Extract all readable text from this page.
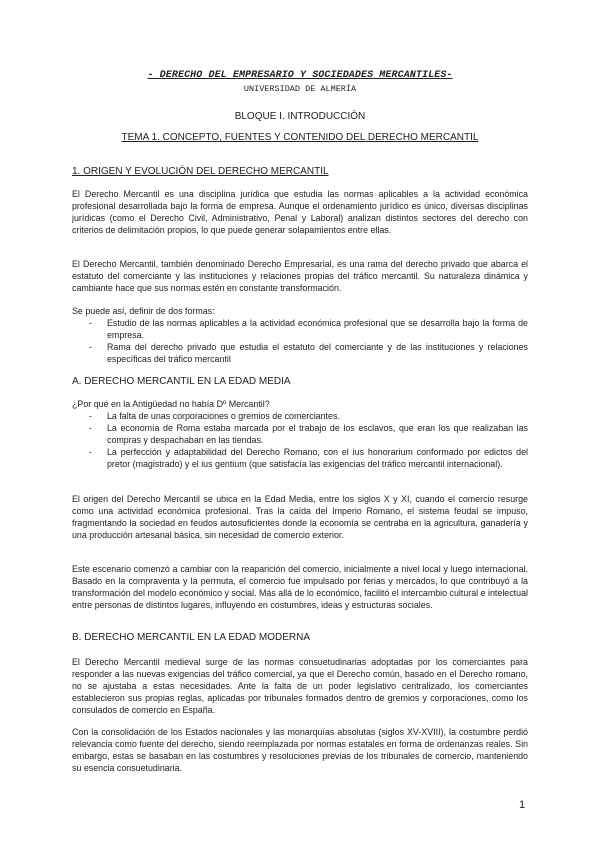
- DERECHO DEL EMPRESARIO Y SOCIEDADES MERCANTILES-
UNIVERSIDAD DE ALMERÍA
BLOQUE I. INTRODUCCIÓN
TEMA 1. CONCEPTO, FUENTES Y CONTENIDO DEL DERECHO MERCANTIL

1. ORIGEN Y EVOLUCIÓN DEL DERECHO MERCANTIL

El Derecho Mercantil es una disciplina jurídica que estudia las normas aplicables a la actividad económica profesional desarrollada bajo la forma de empresa. Aunque el ordenamiento jurídico es único, diversas disciplinas jurídicas (como el Derecho Civil, Administrativo, Penal y Laboral) analizan distintos sectores del derecho con criterios de delimitación propios, lo que puede generar solapamientos entre ellas.

El Derecho Mercantil, también denominado Derecho Empresarial, es una rama del derecho privado que abarca el estatuto del comerciante y las instituciones y relaciones propias del tráfico mercantil. Su naturaleza dinámica y cambiante hace que sus normas estén en constante transformación.

Se puede así, definir de dos formas:

- Estudio de las normas aplicables a la actividad económica profesional que se desarrolla bajo la forma de empresa.
- Rama del derecho privado que estudia el estatuto del comerciante y de las instituciones y relaciones específicas del tráfico mercantil

A. DERECHO MERCANTIL EN LA EDAD MEDIA

¿Por qué en la Antigüedad no había Dº Mercantil?

- La falta de unas corporaciones o gremios de comerciantes.
- La economía de Roma estaba marcada por el trabajo de los esclavos, que eran los que realizaban las compras y despachaban en las tiendas.
- La perfección y adaptabilidad del Derecho Romano, con el ius honorarium conformado por edictos del pretor (magistrado) y el ius gentium (que satisfacía las exigencias del tráfico mercantil internacional).

El origen del Derecho Mercantil se ubica en la Edad Media, entre los siglos X y XI, cuando el comercio resurge como una actividad económica profesional. Tras la caída del Imperio Romano, el sistema feudal se impuso, fragmentando la sociedad en feudos autosuficientes donde la economía se centraba en la agricultura, ganadería y una producción artesanal básica, sin necesidad de comercio exterior.

Este escenario comenzó a cambiar con la reaparición del comercio, inicialmente a nivel local y luego internacional. Basado en la compraventa y la permuta, el comercio fue impulsado por ferias y mercados, lo que contribuyó a la transformación del modelo económico y social. Más allá de lo económico, facilitó el intercambio cultural e intelectual entre personas de distintos lugares, influyendo en costumbres, ideas y estructuras sociales.

B. DERECHO MERCANTIL EN LA EDAD MODERNA

El Derecho Mercantil medieval surge de las normas consuetudinarias adoptadas por los comerciantes para responder a las nuevas exigencias del tráfico comercial, ya que el Derecho común, basado en el Derecho romano, no se ajustaba a estas necesidades. Ante la falta de un poder legislativo centralizado, los comerciantes establecieron sus propias reglas, aplicadas por tribunales formados dentro de gremios y corporaciones, como los consulados de comercio en España.

Con la consolidación de los Estados nacionales y las monarquías absolutas (siglos XV-XVIII), la costumbre perdió relevancia como fuente del derecho, siendo reemplazada por normas estatales en forma de ordenanzas reales. Sin embargo, estas se basaban en las costumbres y resoluciones previas de los tribunales de comercio, manteniendo su esencia consuetudinaria.

1
